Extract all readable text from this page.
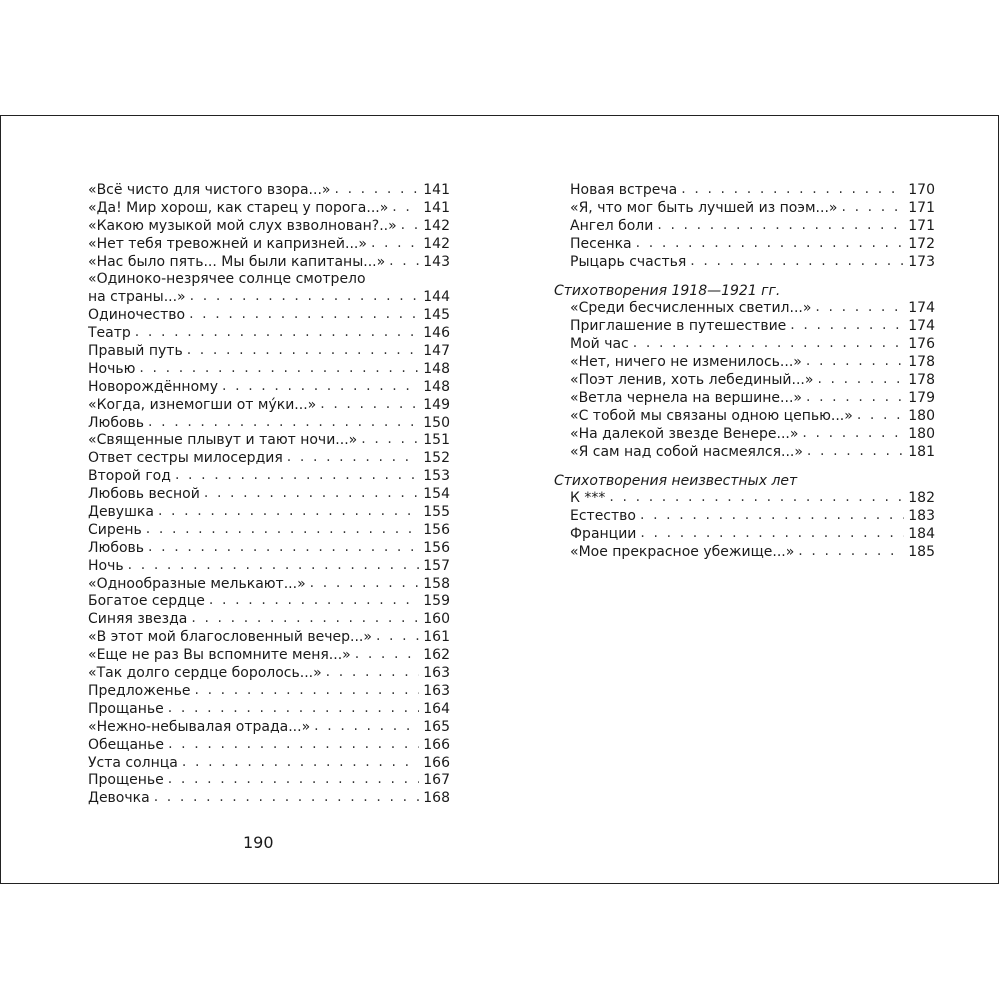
«Всё чисто для чистого взора...» . . .	141
«Да! Мир хорош, как старец у порога...» . . . 141
«Какою музыкой мой слух взволнован?..» . . . 142
«Нет тебя тревожней и капризней...» . . .	142
«Нас было пять... Мы были капитаны...» . . .	143
«Одиноко-незрячее солнце смотрело
на страны...» . . .	144
Одиночество . . .	145
Театр . . .	146
Правый путь . . .	147
Ночью . . .	148
Новорождённому . . .	148
«Когда, изнемогши от мýки...» . . .	149
Любовь . . .	150
«Священные плывут и тают ночи...» . . .	151
Ответ сестры милосердия . . .	152
Второй год . . .	153
Любовь весной . . .	154
Девушка . . .	155
Сирень . . .	156
Любовь . . .	156
Ночь . . .	157
«Однообразные мелькают...» . . .	158
Богатое сердце . . .	159
Синяя звезда . . .	160
«В этот мой благословенный вечер...» . . .	161
«Еще не раз Вы вспомните меня...» . . .	162
«Так долго сердце боролось...» . . .	163
Предложенье . . .	163
Прощанье . . .	164
«Нежно-небывалая отрада...» . . .	165
Обещанье . . .	166
Уста солнца . . .	166
Прощенье . . .	167
Девочка . . .	168
Новая встреча . . .	170
«Я, что мог быть лучшей из поэм...» . . .	171
Ангел боли . . .	171
Песенка . . .	172
Рыцарь счастья . . .	173
Стихотворения 1918—1921 гг.
«Среди бесчисленных светил...» . . .	174
Приглашение в путешествие . . .	174
Мой час . . .	176
«Нет, ничего не изменилось...» . . .	178
«Поэт ленив, хоть лебединый...» . . .	178
«Ветла чернела на вершине...» . . .	179
«С тобой мы связаны одною цепью...» . . .	180
«На далекой звезде Венере...» . . .	180
«Я сам над собой насмеялся...» . . .	181
Стихотворения неизвестных лет
К *** . . .	182
Естество . . .	183
Франции . . .	184
«Мое прекрасное убежище...» . . .	185
190
